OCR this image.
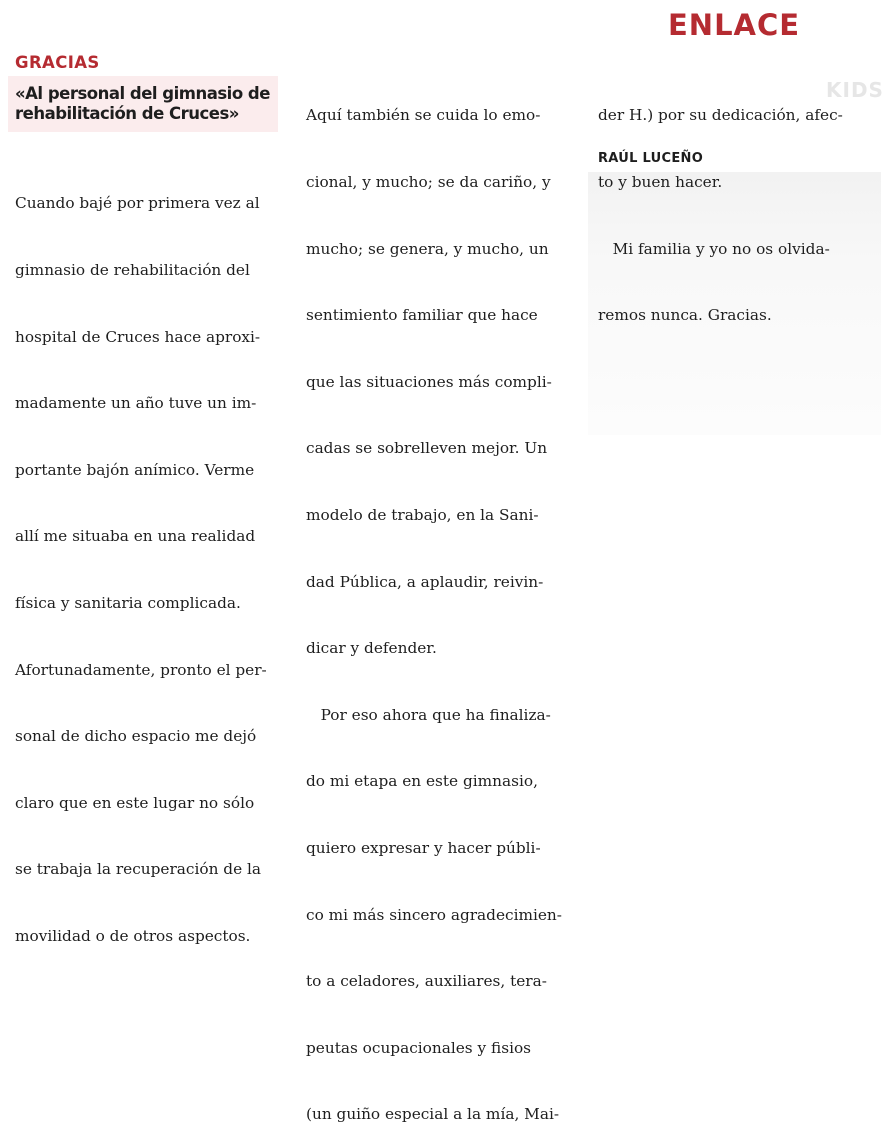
ENLACE
KIDS
GRACIAS
«Al personal del gimnasio de rehabilitación de Cruces»

Cuando bajé por primera vez al

gimnasio de rehabilitación del

hospital de Cruces hace aproxi-

madamente un año tuve un im-

portante bajón anímico. Verme

allí me situaba en una realidad

física y sanitaria complicada.

Afortunadamente, pronto el per-

sonal de dicho espacio me dejó

claro que en este lugar no sólo

se trabaja la recuperación de la

movilidad o de otros aspectos.

Aquí también se cuida lo emo-

cional, y mucho; se da cariño, y

mucho; se genera, y mucho, un

sentimiento familiar que hace

que las situaciones más compli-

cadas se sobrelleven mejor. Un

modelo de trabajo, en la Sani-

dad Pública, a aplaudir, reivin-

dicar y defender.

Por eso ahora que ha finaliza-

do mi etapa en este gimnasio,

quiero expresar y hacer públi-

co mi más sincero agradecimien-

to a celadores, auxiliares, tera-

peutas ocupacionales y fisios

(un guiño especial a la mía, Mai-

der H.) por su dedicación, afec-

to y buen hacer.

Mi familia y yo no os olvida-

remos nunca. Gracias.

RAÚL LUCEÑO
